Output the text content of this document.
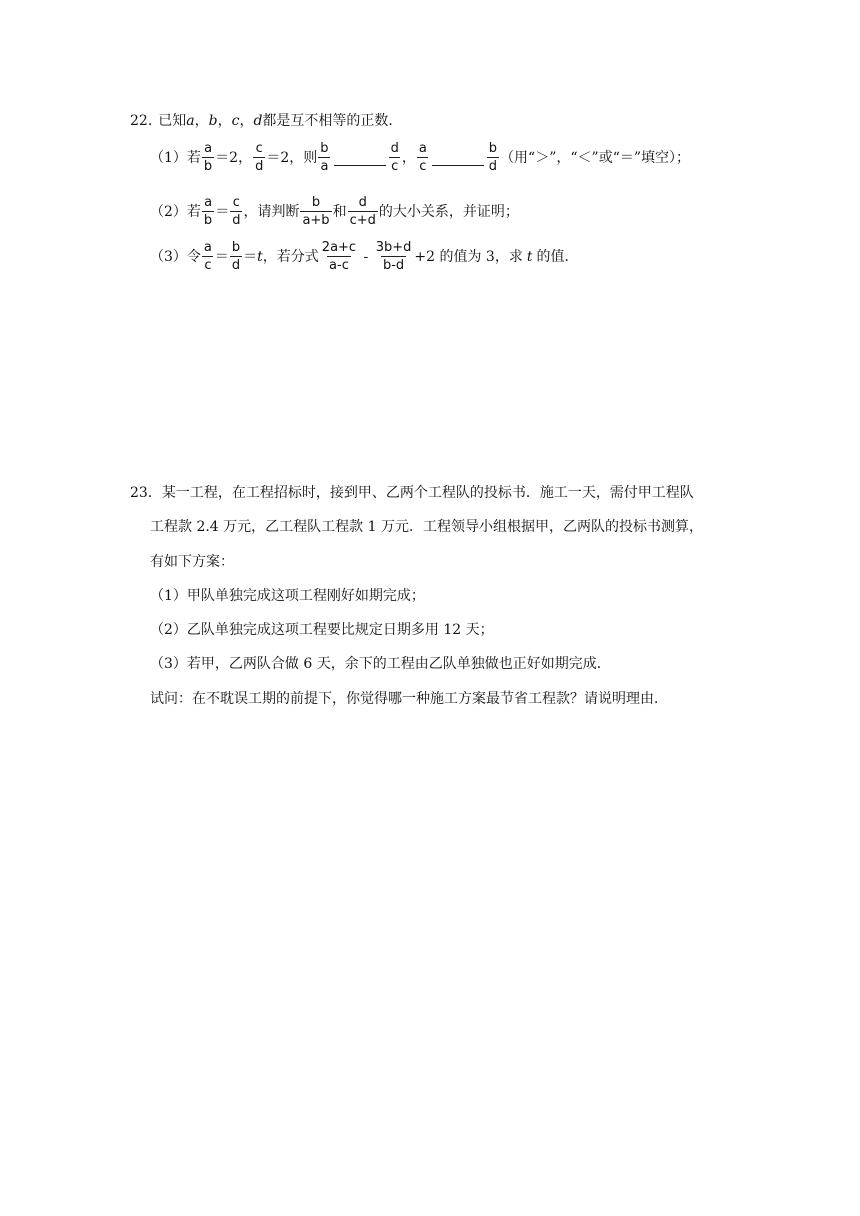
22. 已知 a ， b ， c ， d 都是互不相等的正数．
（1）若 $\frac{a}{b} =2$， $\frac{c}{d} =2$，则 $\frac{b}{a}$	$\frac{d}{c}$ ， $\frac{a}{c}$	$\frac{b}{d}$ （用“＞”，“＜”或“＝”填空）；
（2）若 $\frac{a}{b} = \frac{c}{d}$ ，请判断 $\frac{b}{a+b}$ 和 $\frac{d}{c+d}$ 的大小关系，并证明；
（3）令 $\frac{a}{c} = \frac{b}{d} = t$ ，若分式 $\frac{2a+c}{a-c} - \frac{3b+d}{b-d} +2$ 的值为 3，求 t 的值．
23．某一工程，在工程招标时，接到甲、乙两个工程队的投标书．施工一天，需付甲工程队
工程款 2.4 万元，乙工程队工程款 1 万元．工程领导小组根据甲，乙两队的投标书测算，
有如下方案：
（1）甲队单独完成这项工程刚好如期完成；
（2）乙队单独完成这项工程要比规定日期多用 12 天；
（3）若甲，乙两队合做 6 天，余下的工程由乙队单独做也正好如期完成．
试问：在不耽误工期的前提下，你觉得哪一种施工方案最节省工程款？请说明理由．
